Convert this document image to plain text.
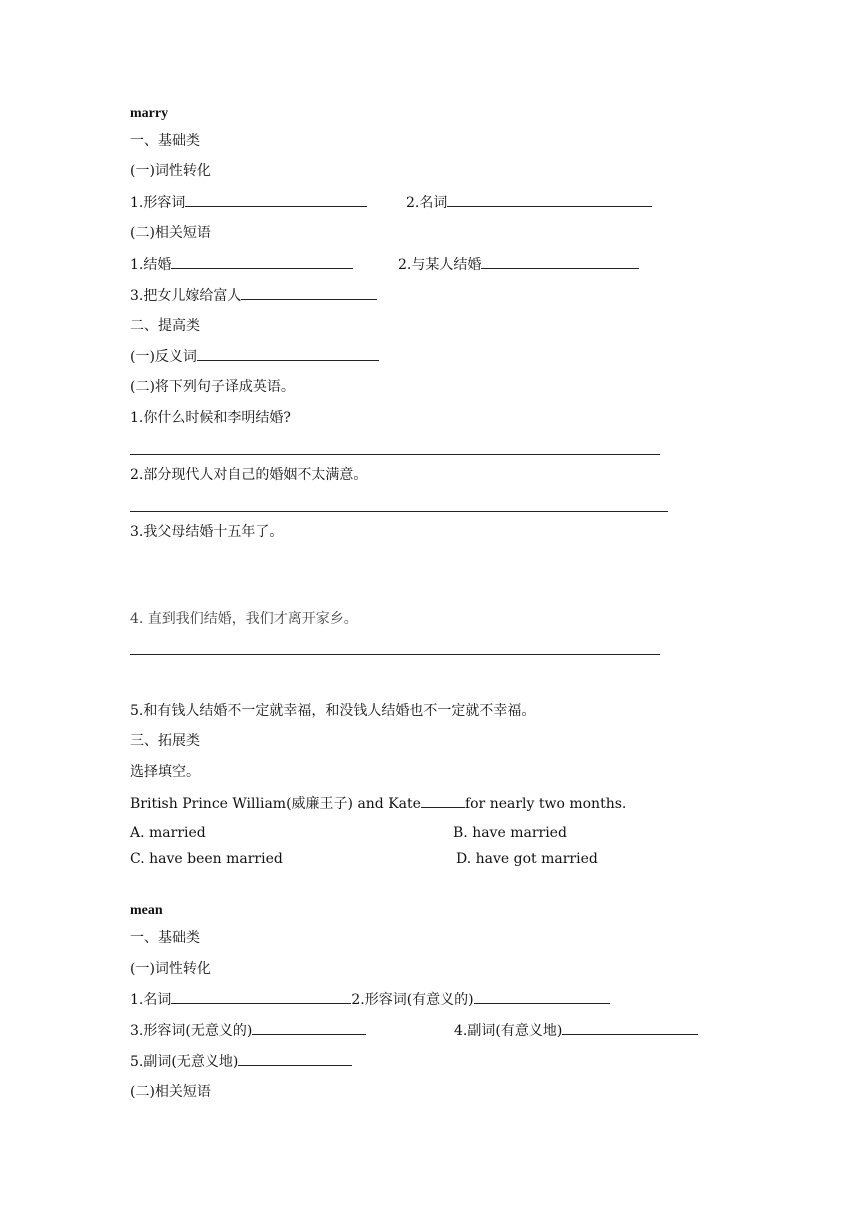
marry
一、基础类
(一)词性转化
1.形容词	2.名词
(二)相关短语
1.结婚	2.与某人结婚
3.把女儿嫁给富人
二、提高类
(一)反义词
(二)将下列句子译成英语。
1.你什么时候和李明结婚?
2.部分现代人对自己的婚姻不太满意。
3.我父母结婚十五年了。
4. 直到我们结婚，我们才离开家乡。
5.和有钱人结婚不一定就幸福，和没钱人结婚也不一定就不幸福。
三、拓展类
选择填空。
British Prince William(威廉王子) and Kate	for nearly two months.
A. married	B. have married
C. have been married	D. have got married
mean
一、基础类
(一)词性转化
1.名词	2.形容词(有意义的)
3.形容词(无意义的)	4.副词(有意义地)
5.副词(无意义地)
(二)相关短语
